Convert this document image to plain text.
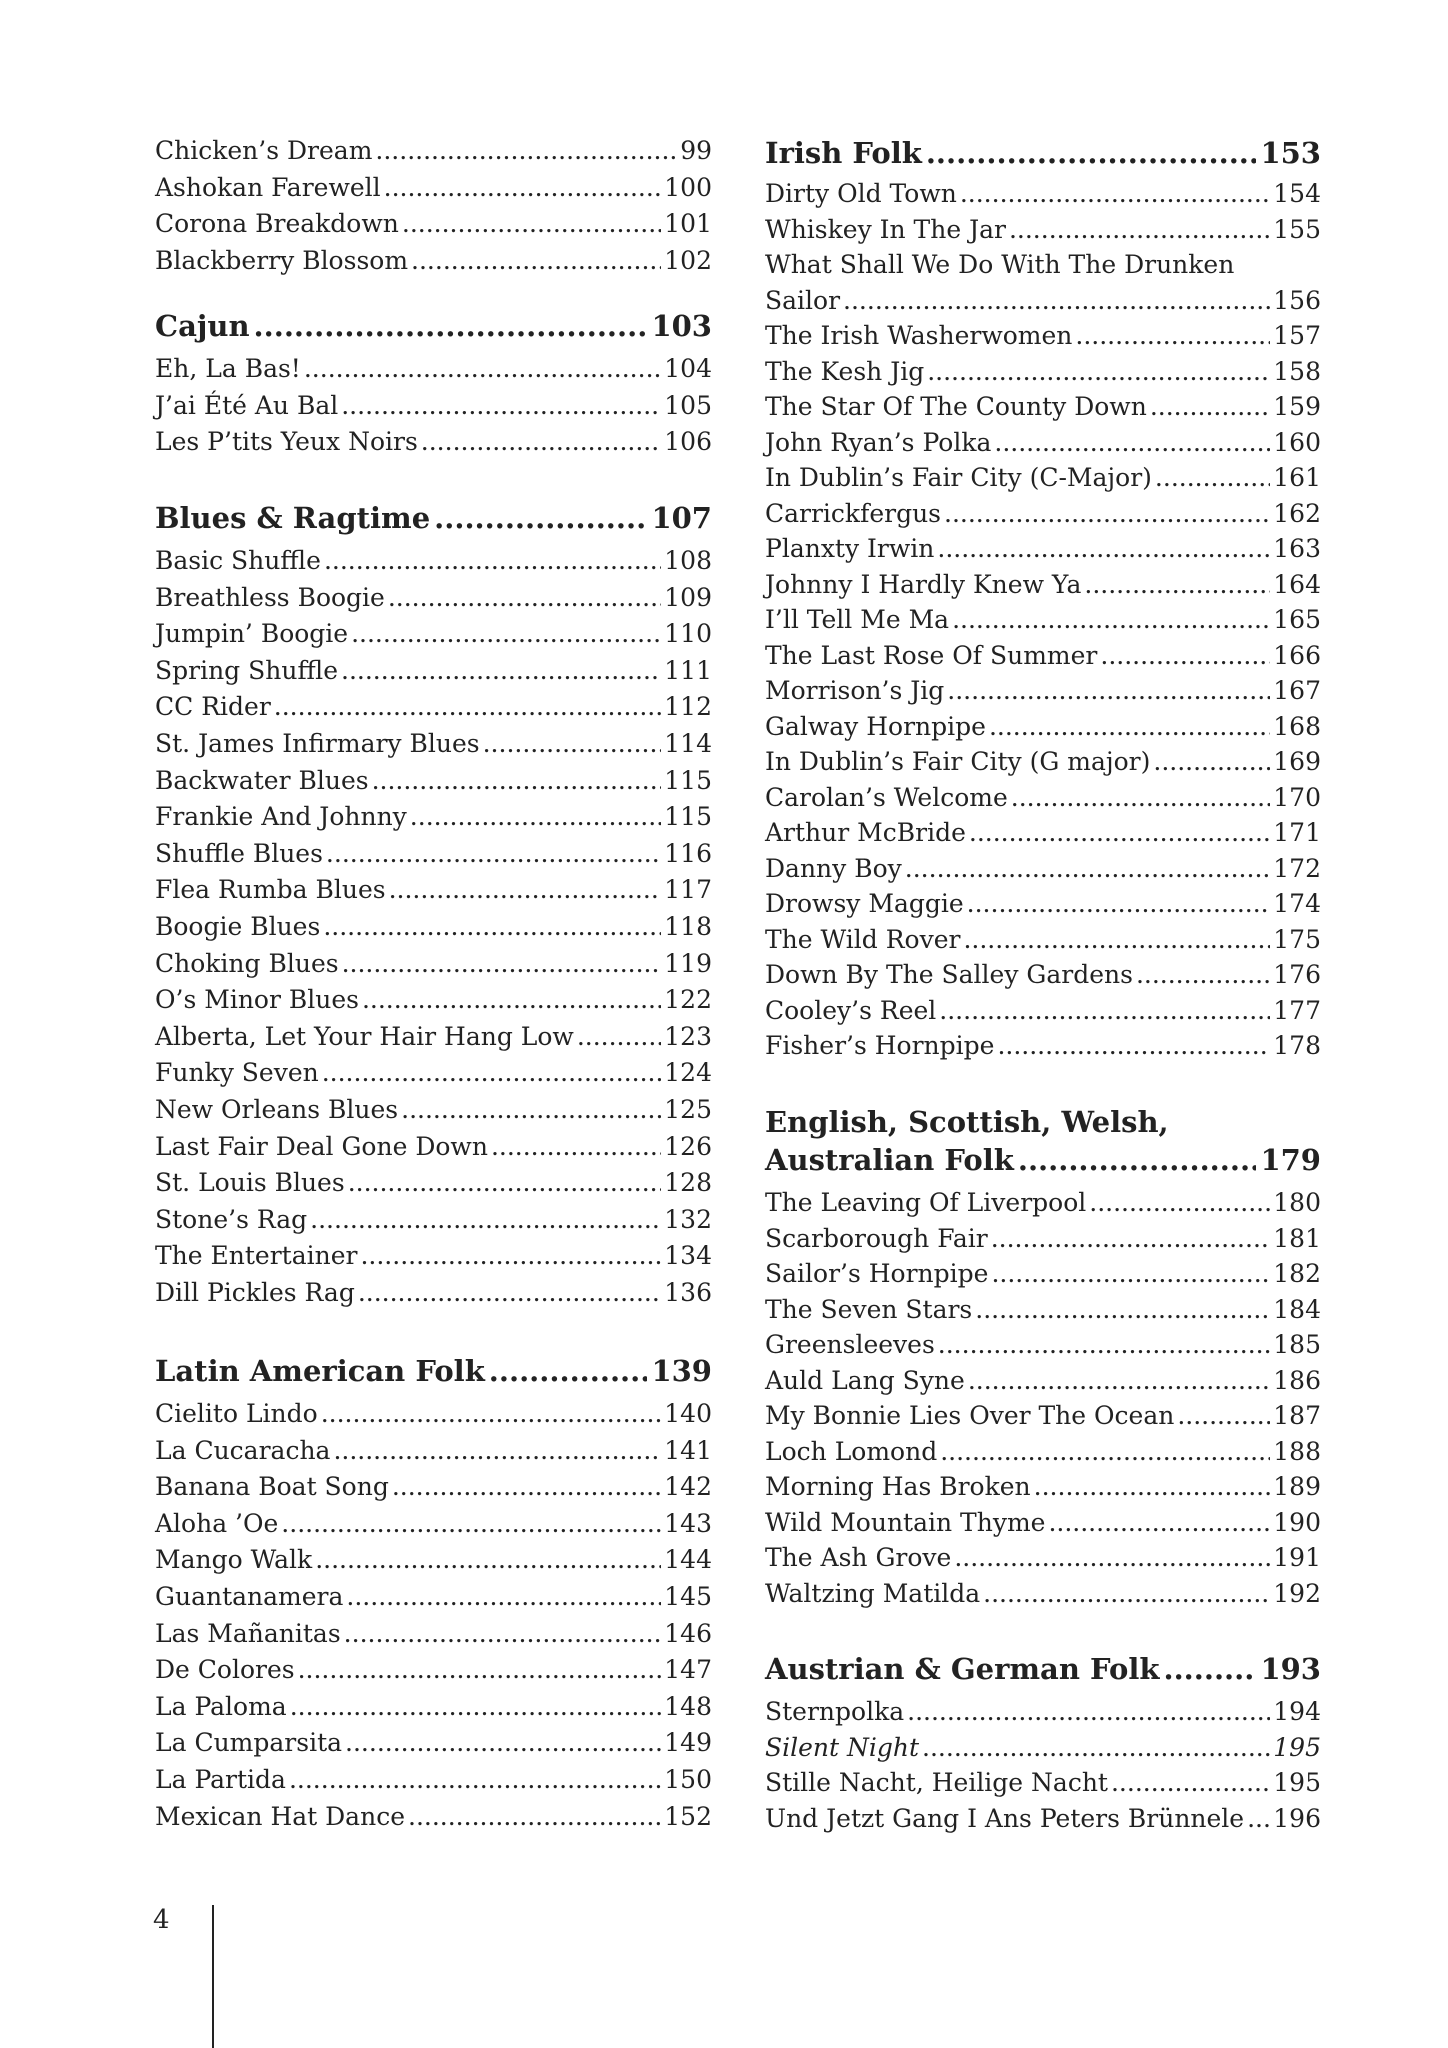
Chicken’s Dream .....	99
Ashokan Farewell .....	100
Corona Breakdown .....	101
Blackberry Blossom .....	102
Cajun .....	103
Eh, La Bas! .....	104
J’ai Été Au Bal .....	105
Les P’tits Yeux Noirs .....	106
Blues & Ragtime .....	107
Basic Shuffle .....	108
Breathless Boogie .....	109
Jumpin’ Boogie .....	110
Spring Shuffle .....	111
CC Rider .....	112
St. James Infirmary Blues .....	114
Backwater Blues .....	115
Frankie And Johnny .....	115
Shuffle Blues .....	116
Flea Rumba Blues .....	117
Boogie Blues .....	118
Choking Blues .....	119
O’s Minor Blues .....	122
Alberta, Let Your Hair Hang Low .....	123
Funky Seven .....	124
New Orleans Blues .....	125
Last Fair Deal Gone Down .....	126
St. Louis Blues .....	128
Stone’s Rag .....	132
The Entertainer .....	134
Dill Pickles Rag .....	136
Latin American Folk .....	139
Cielito Lindo .....	140
La Cucaracha .....	141
Banana Boat Song .....	142
Aloha ’Oe .....	143
Mango Walk .....	144
Guantanamera .....	145
Las Mañanitas .....	146
De Colores .....	147
La Paloma .....	148
La Cumparsita .....	149
La Partida .....	150
Mexican Hat Dance .....	152
Irish Folk .....	153
Dirty Old Town .....	154
Whiskey In The Jar .....	155
What Shall We Do With The Drunken
Sailor .....	156
The Irish Washerwomen .....	157
The Kesh Jig .....	158
The Star Of The County Down .....	159
John Ryan’s Polka .....	160
In Dublin’s Fair City (C-Major) .....	161
Carrickfergus .....	162
Planxty Irwin .....	163
Johnny I Hardly Knew Ya .....	164
I’ll Tell Me Ma .....	165
The Last Rose Of Summer .....	166
Morrison’s Jig .....	167
Galway Hornpipe .....	168
In Dublin’s Fair City (G major) .....	169
Carolan’s Welcome .....	170
Arthur McBride .....	171
Danny Boy .....	172
Drowsy Maggie .....	174
The Wild Rover .....	175
Down By The Salley Gardens .....	176
Cooley’s Reel .....	177
Fisher’s Hornpipe .....	178
English, Scottish, Welsh,
Australian Folk .....	179
The Leaving Of Liverpool .....	180
Scarborough Fair .....	181
Sailor’s Hornpipe .....	182
The Seven Stars .....	184
Greensleeves .....	185
Auld Lang Syne .....	186
My Bonnie Lies Over The Ocean .....	187
Loch Lomond .....	188
Morning Has Broken .....	189
Wild Mountain Thyme .....	190
The Ash Grove .....	191
Waltzing Matilda .....	192
Austrian & German Folk .....	193
Sternpolka .....	194
Silent Night .....	195
Stille Nacht, Heilige Nacht .....	195
Und Jetzt Gang I Ans Peters Brünnele ..... 196
4
